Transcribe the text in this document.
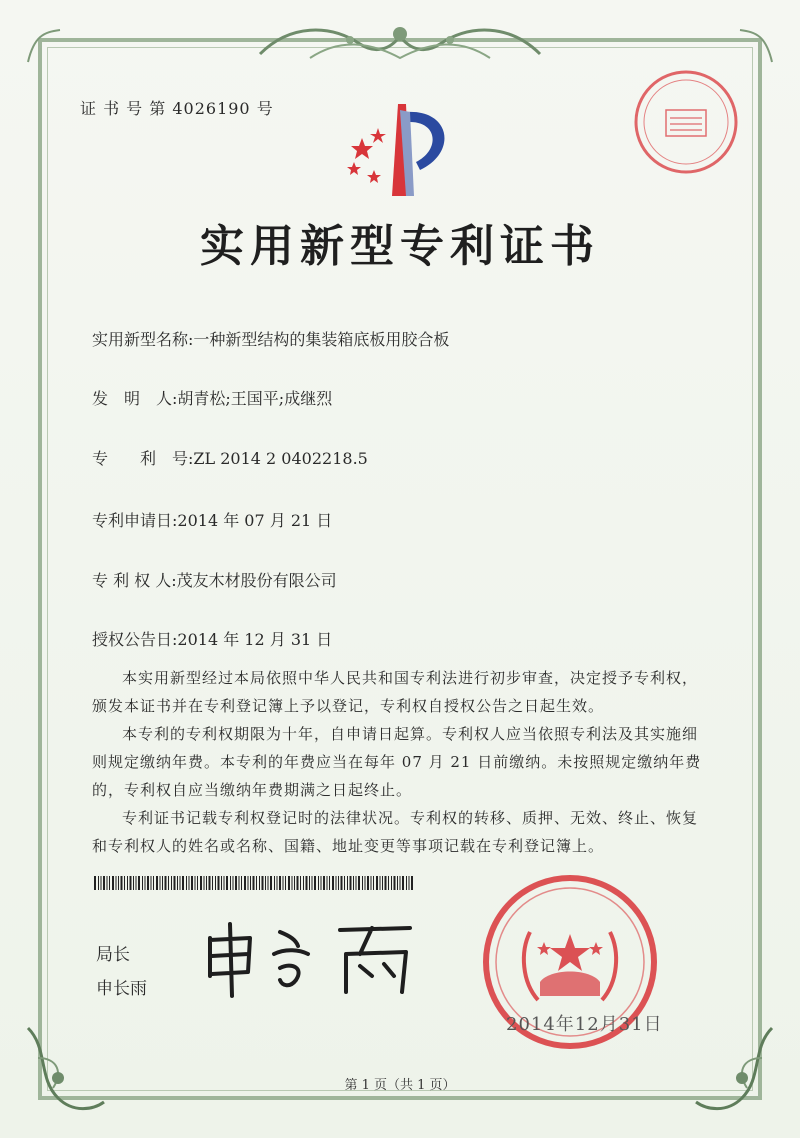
证 书 号 第 4026190 号
实用新型专利证书
实用新型名称:一种新型结构的集装箱底板用胶合板
发　明　人:胡青松;王国平;成继烈
专　　利　号:ZL 2014 2 0402218.5
专利申请日:2014 年 07 月 21 日
专 利 权 人:茂友木材股份有限公司
授权公告日:2014 年 12 月 31 日

本实用新型经过本局依照中华人民共和国专利法进行初步审查，决定授予专利权，颁发本证书并在专利登记簿上予以登记，专利权自授权公告之日起生效。

本专利的专利权期限为十年，自申请日起算。专利权人应当依照专利法及其实施细则规定缴纳年费。本专利的年费应当在每年 07 月 21 日前缴纳。未按照规定缴纳年费的，专利权自应当缴纳年费期满之日起终止。

专利证书记载专利权登记时的法律状况。专利权的转移、质押、无效、终止、恢复和专利权人的姓名或名称、国籍、地址变更等事项记载在专利登记簿上。

局长
申长雨
2014年12月31日
第 1 页（共 1 页）
